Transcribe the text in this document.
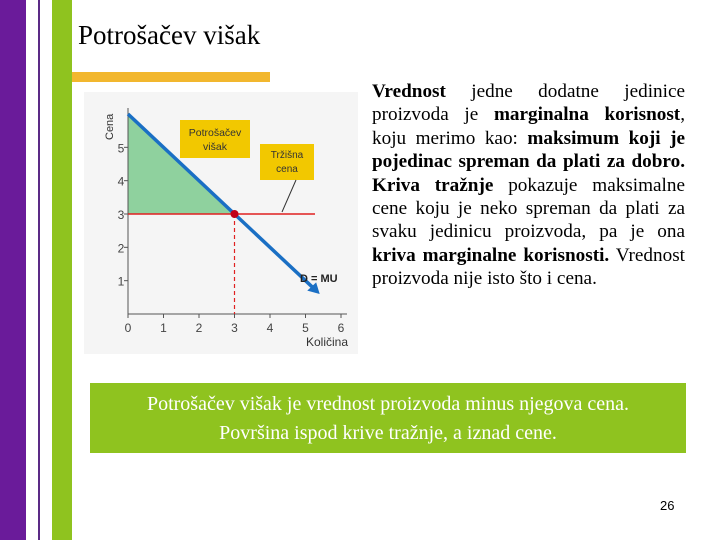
Potrošačev višak
1
2
3
4
5
0 1 2 3 4 5 6
Cena
Količina
Potrošačev
višak
Tržišna
cena
D = MU
Vrednost jedne dodatne jedinice proizvoda je marginalna korisnost, koju merimo kao: maksimum koji je pojedinac spreman da plati za dobro. Kriva tražnje pokazuje maksimalne cene koju je neko spreman da plati za svaku jedinicu proizvoda, pa je ona kriva marginalne korisnosti. Vrednost proizvoda nije isto što i cena.
Potrošačev višak je vrednost proizvoda minus njegova cena.
Površina ispod krive tražnje, a iznad cene.
26
